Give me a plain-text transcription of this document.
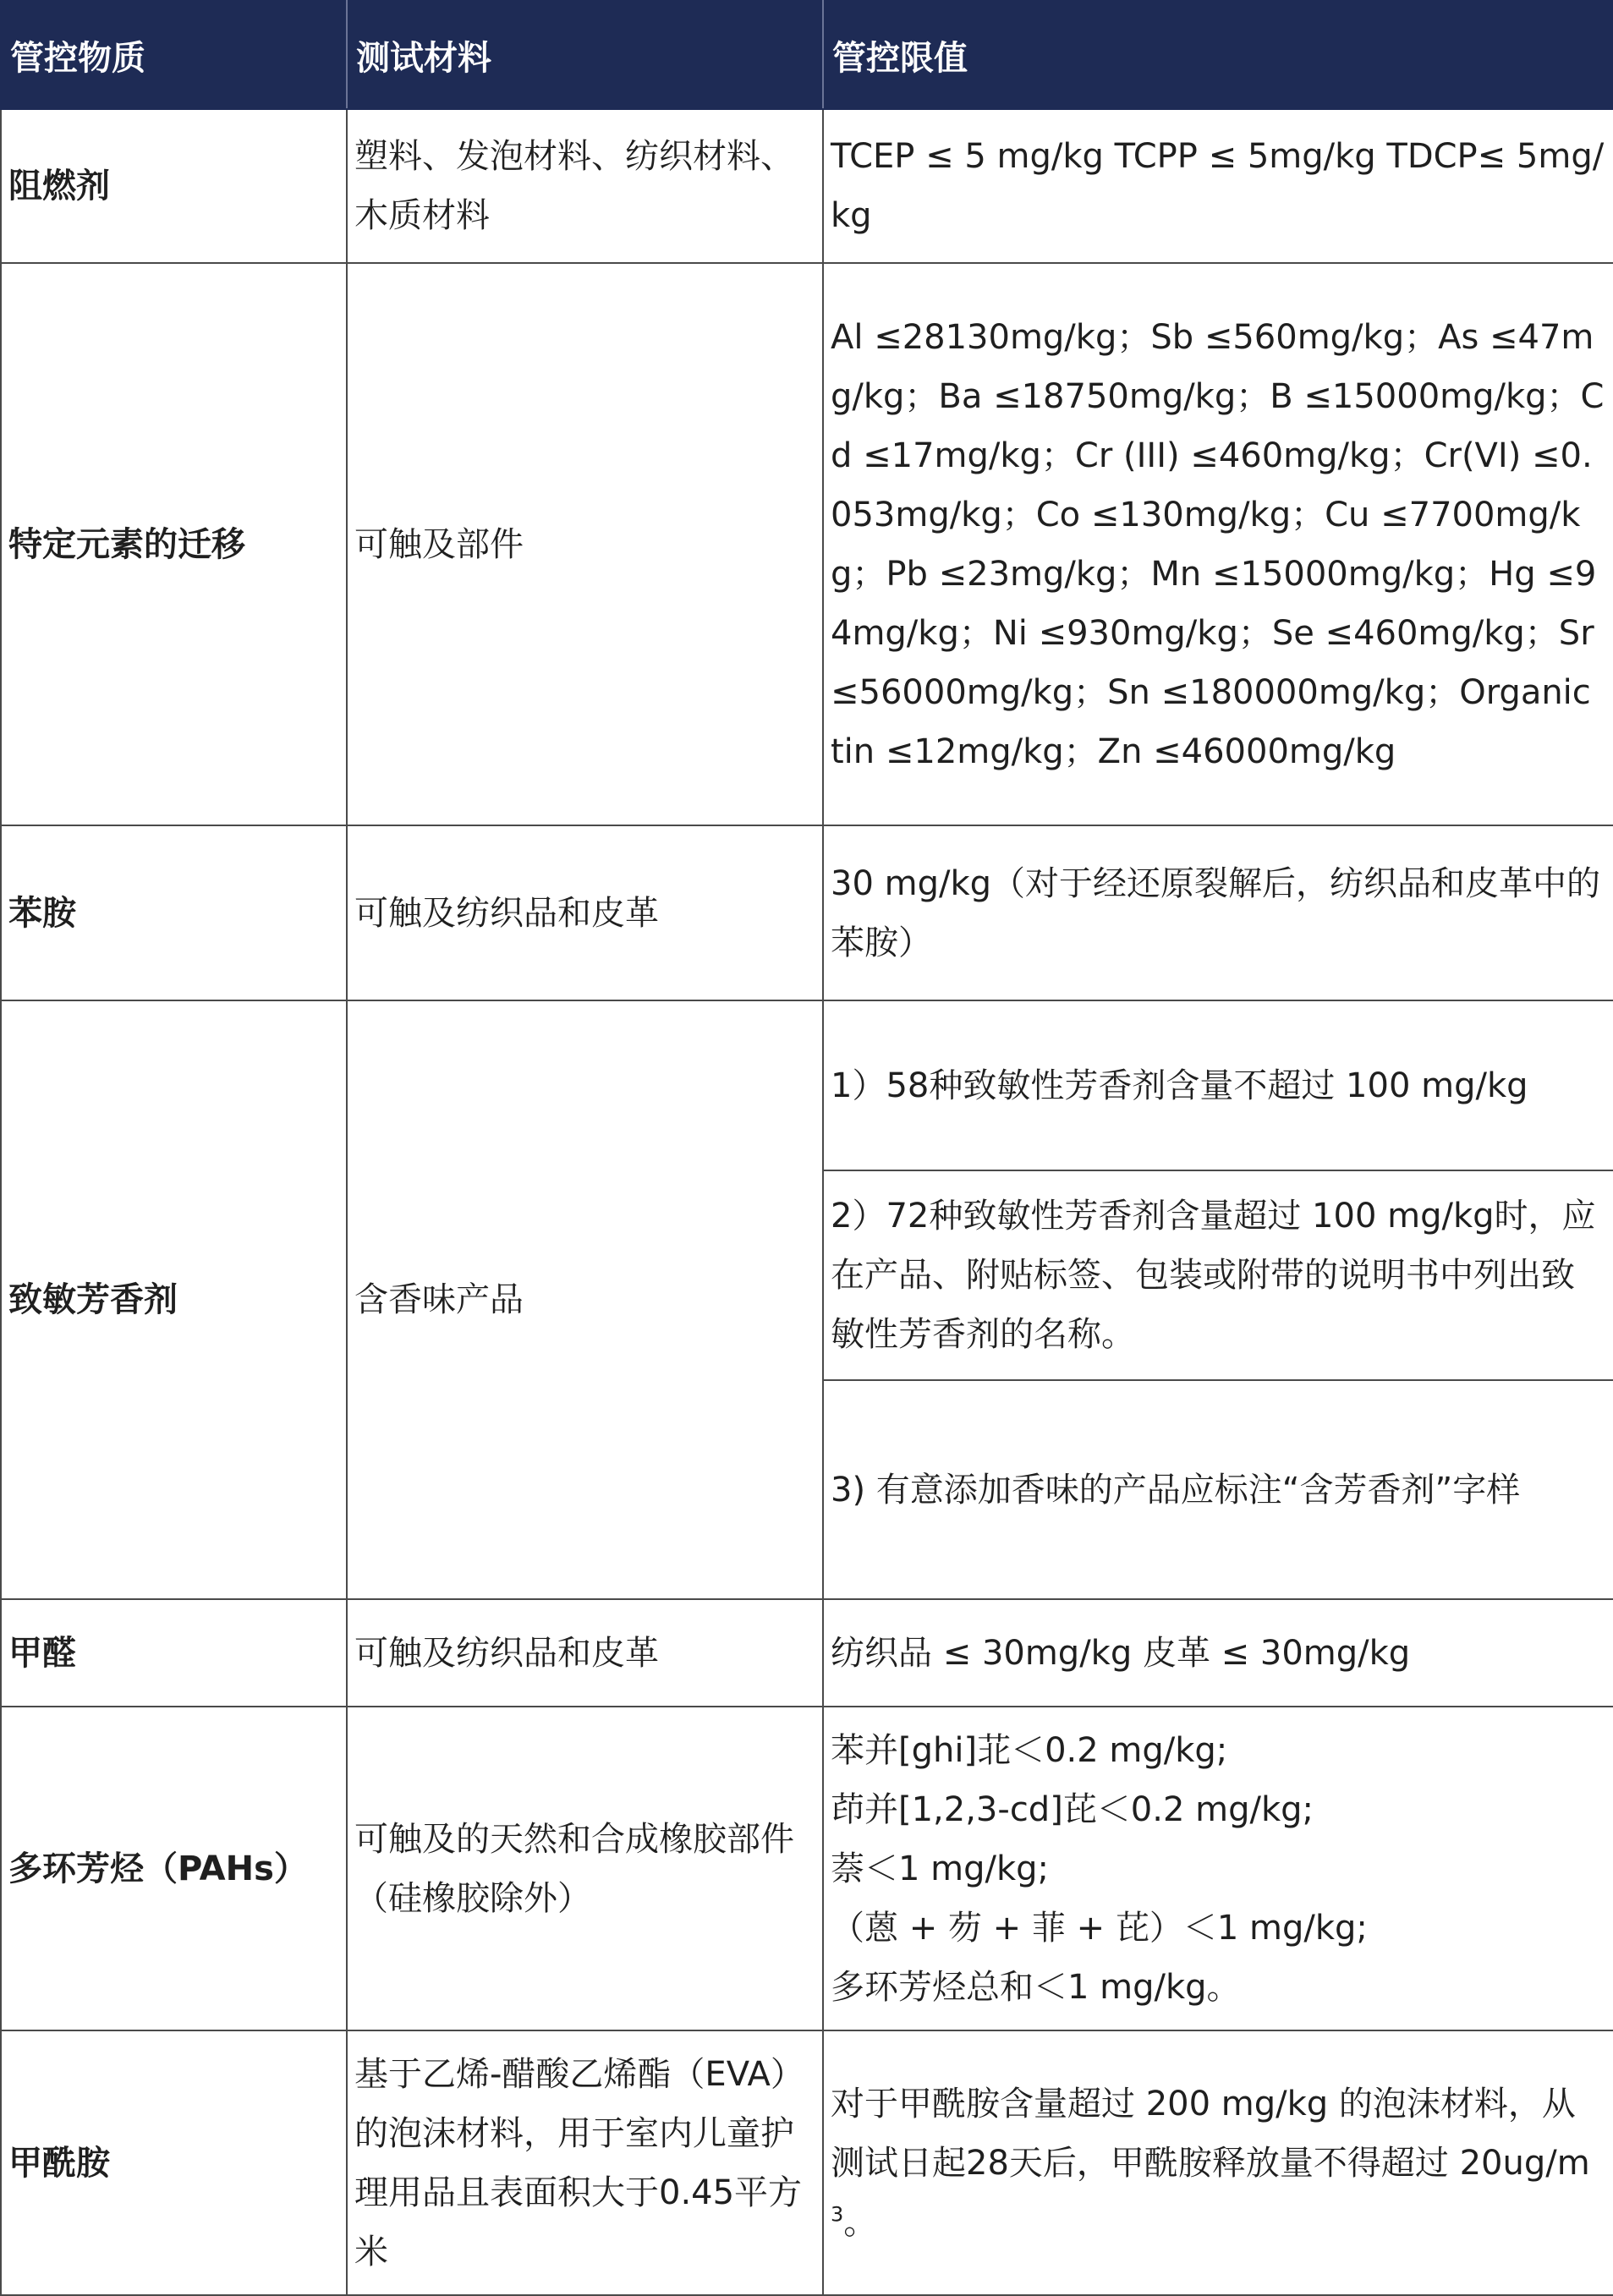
管控物质	测试材料	管控限值
阻燃剂	塑料、发泡材料、纺织材料、木质材料	TCEP ≤ 5 mg/kg TCPP ≤ 5mg/kg TDCP≤ 5mg/kg
特定元素的迁移	可触及部件	Al ≤28130mg/kg；Sb ≤560mg/kg；As ≤47mg/kg；Ba ≤18750mg/kg；B ≤15000mg/kg；Cd ≤17mg/kg；Cr (III) ≤460mg/kg；Cr(VI) ≤0.053mg/kg；Co ≤130mg/kg；Cu ≤7700mg/kg；Pb ≤23mg/kg；Mn ≤15000mg/kg；Hg ≤94mg/kg；Ni ≤930mg/kg；Se ≤460mg/kg；Sr ≤56000mg/kg；Sn ≤180000mg/kg；Organic tin ≤12mg/kg；Zn ≤46000mg/kg
苯胺	可触及纺织品和皮革	30 mg/kg（对于经还原裂解后，纺织品和皮革中的苯胺）
致敏芳香剂	含香味产品	1）58种致敏性芳香剂含量不超过 100 mg/kg
		2）72种致敏性芳香剂含量超过 100 mg/kg时，应在产品、附贴标签、包装或附带的说明书中列出致敏性芳香剂的名称。
		3) 有意添加香味的产品应标注“含芳香剂”字样
甲醛	可触及纺织品和皮革	纺织品 ≤ 30mg/kg 皮革 ≤ 30mg/kg
多环芳烃（PAHs）	可触及的天然和合成橡胶部件（硅橡胶除外）	苯并[ghi]苝＜0.2 mg/kg;
茚并[1,2,3-cd]芘＜0.2 mg/kg;
萘＜1 mg/kg;
（蒽 + 芴 + 菲 + 芘）＜1 mg/kg;
多环芳烃总和＜1 mg/kg。

甲酰胺	基于乙烯-醋酸乙烯酯（EVA）的泡沫材料，用于室内儿童护理用品且表面积大于0.45平方米	对于甲酰胺含量超过 200 mg/kg 的泡沫材料，从测试日起28天后，甲酰胺释放量不得超过 $20ug/m^3$。
